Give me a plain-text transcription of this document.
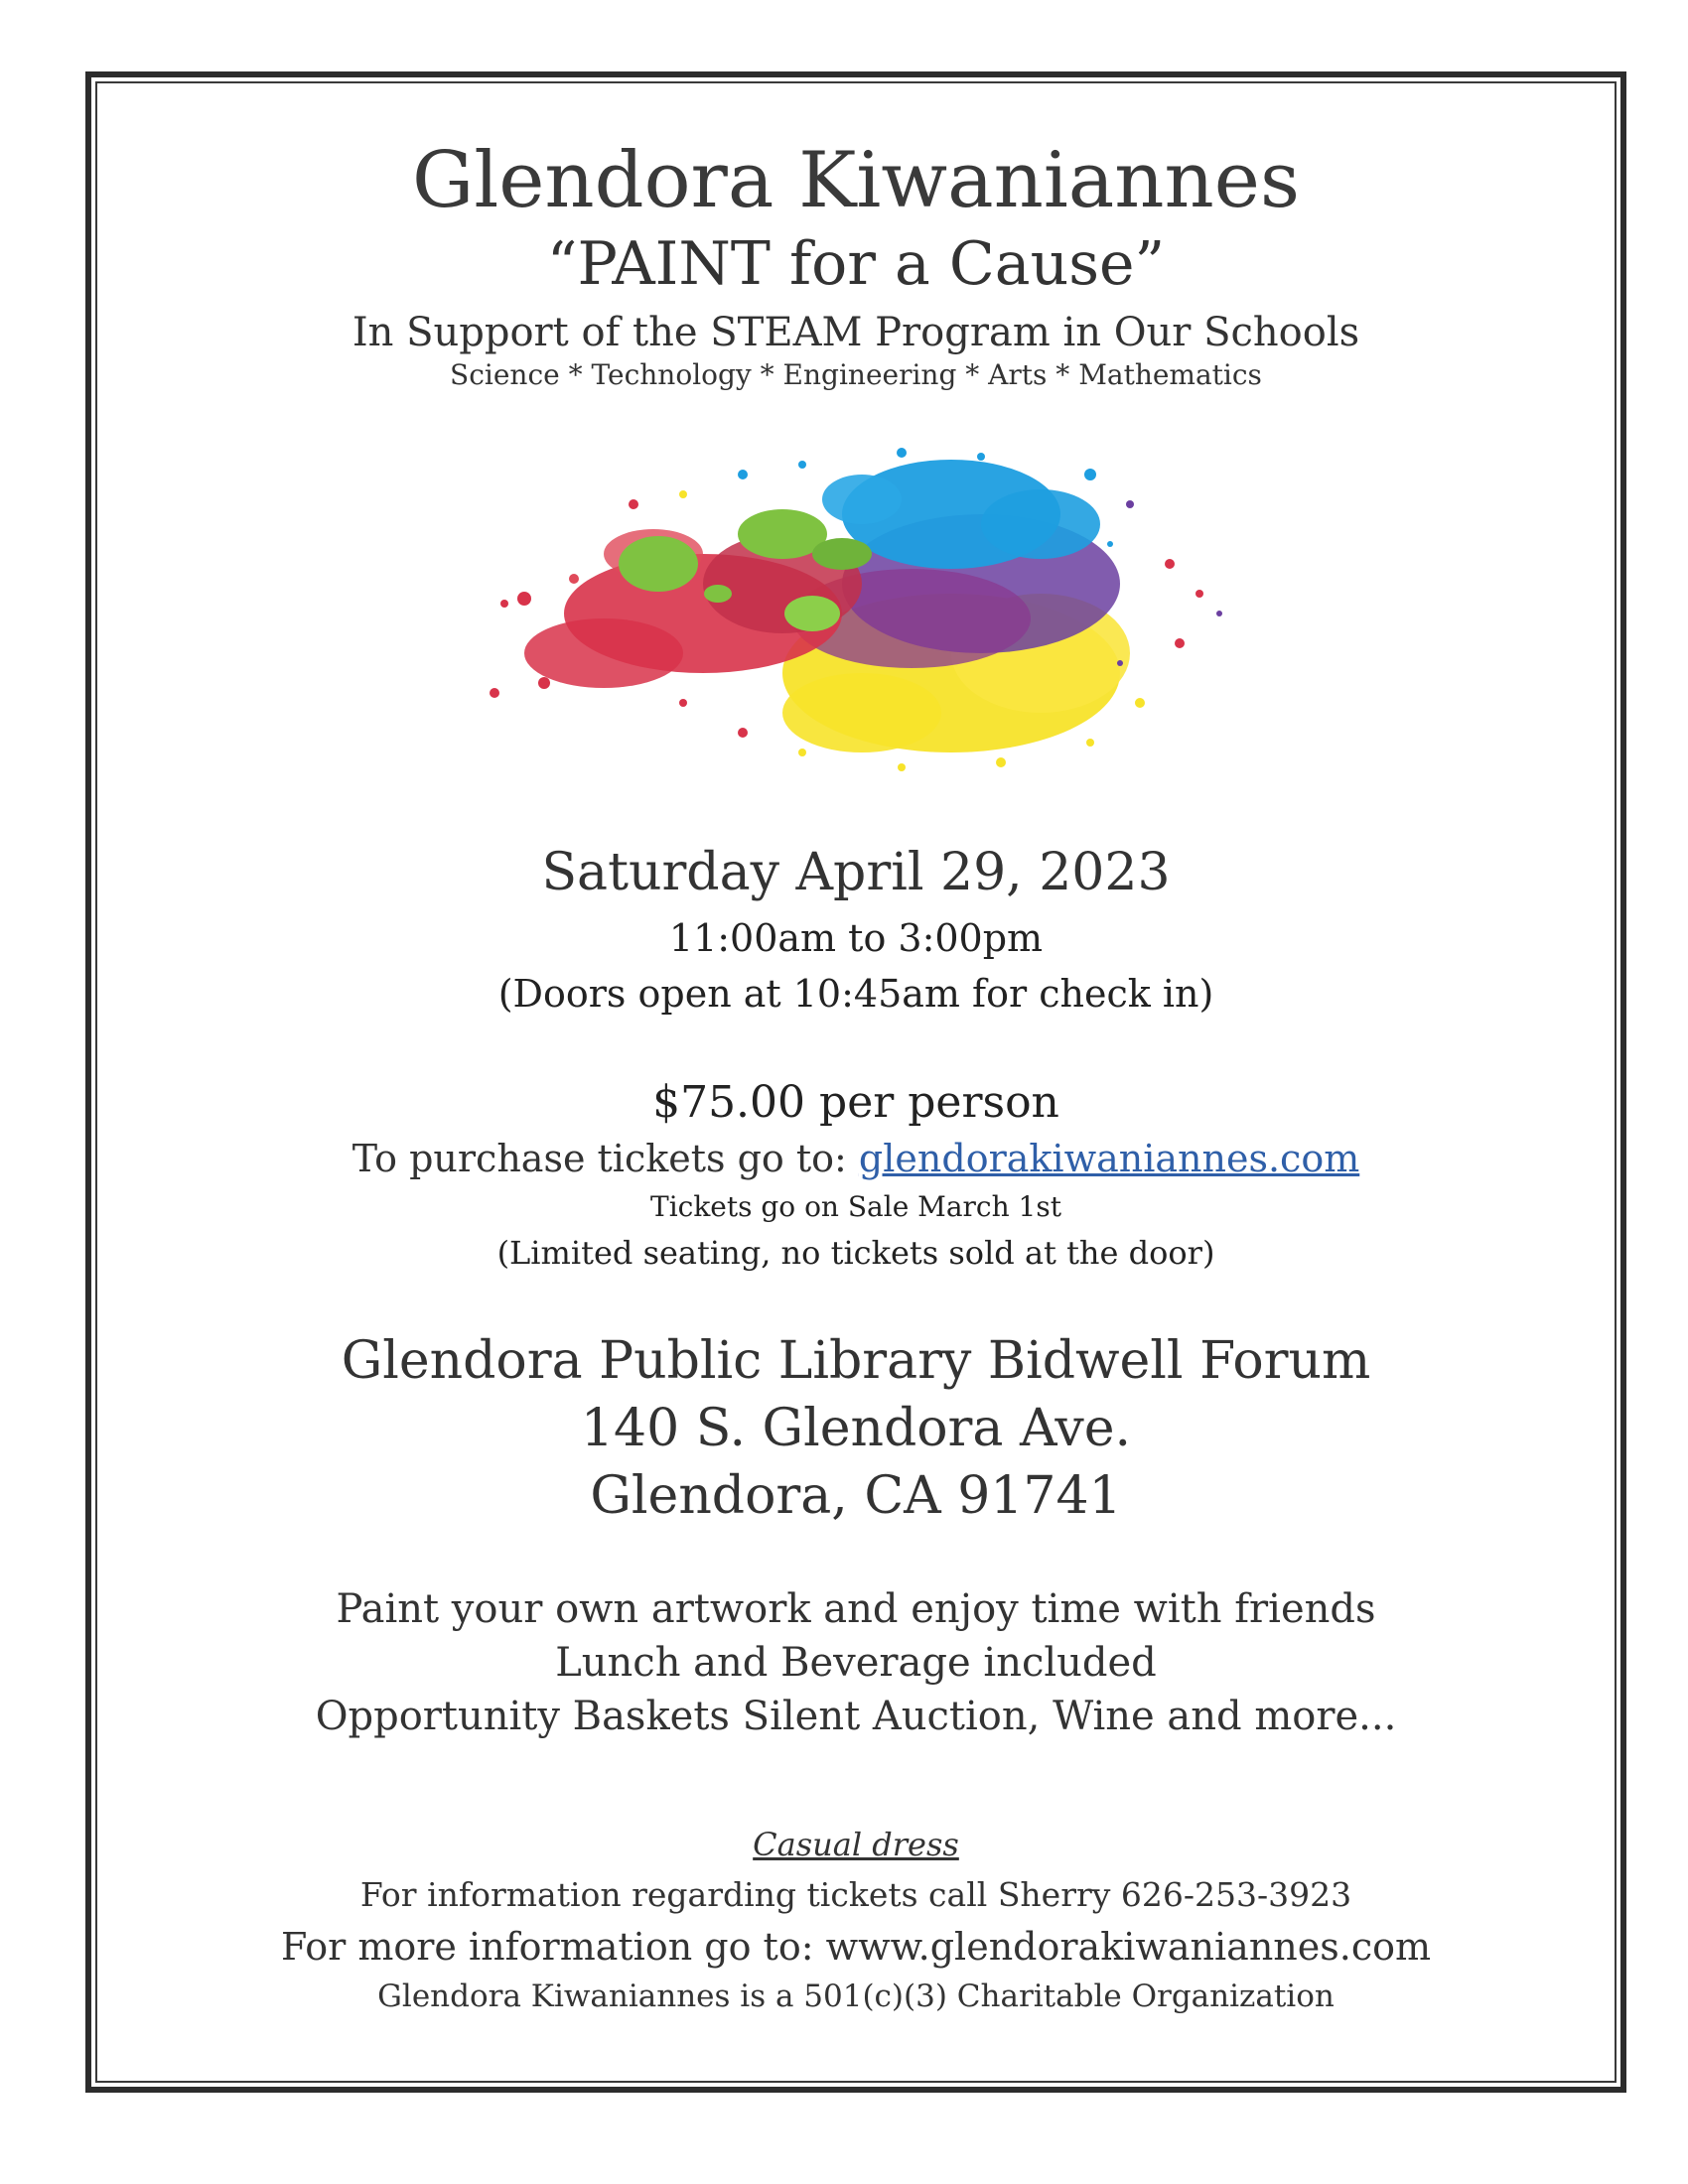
Glendora Kiwaniannes
“PAINT for a Cause”
In Support of the STEAM Program in Our Schools
Science * Technology * Engineering * Arts * Mathematics
Saturday April 29, 2023
11:00am to 3:00pm
(Doors open at 10:45am for check in)
$75.00 per person
To purchase tickets go to: glendorakiwaniannes.com
Tickets go on Sale March 1st
(Limited seating, no tickets sold at the door)
Glendora Public Library Bidwell Forum
140 S. Glendora Ave.
Glendora, CA 91741
Paint your own artwork and enjoy time with friends
Lunch and Beverage included
Opportunity Baskets Silent Auction, Wine and more...
Casual dress
For information regarding tickets call Sherry 626-253-3923
For more information go to: www.glendorakiwaniannes.com
Glendora Kiwaniannes is a 501(c)(3) Charitable Organization
